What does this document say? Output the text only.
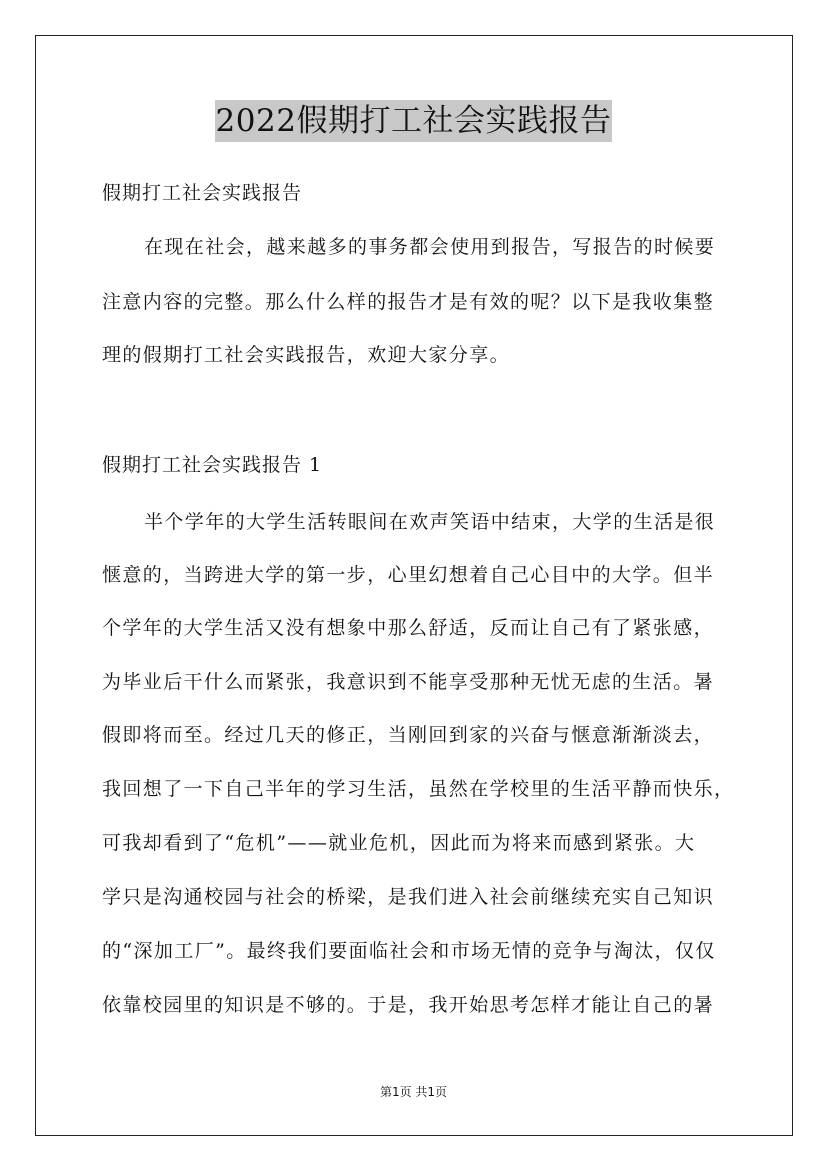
2022假期打工社会实践报告
假期打工社会实践报告
在现在社会，越来越多的事务都会使用到报告，写报告的时候要
注意内容的完整。那么什么样的报告才是有效的呢？以下是我收集整
理的假期打工社会实践报告，欢迎大家分享。
假期打工社会实践报告 1
半个学年的大学生活转眼间在欢声笑语中结束，大学的生活是很
惬意的，当跨进大学的第一步，心里幻想着自己心目中的大学。但半
个学年的大学生活又没有想象中那么舒适，反而让自己有了紧张感，
为毕业后干什么而紧张，我意识到不能享受那种无忧无虑的生活。暑
假即将而至。经过几天的修正，当刚回到家的兴奋与惬意渐渐淡去，
我回想了一下自己半年的学习生活，虽然在学校里的生活平静而快乐，
可我却看到了“危机”——就业危机，因此而为将来而感到紧张。大
学只是沟通校园与社会的桥梁，是我们进入社会前继续充实自己知识
的“深加工厂”。最终我们要面临社会和市场无情的竞争与淘汰，仅仅
依靠校园里的知识是不够的。于是，我开始思考怎样才能让自己的暑
第1页 共1页
